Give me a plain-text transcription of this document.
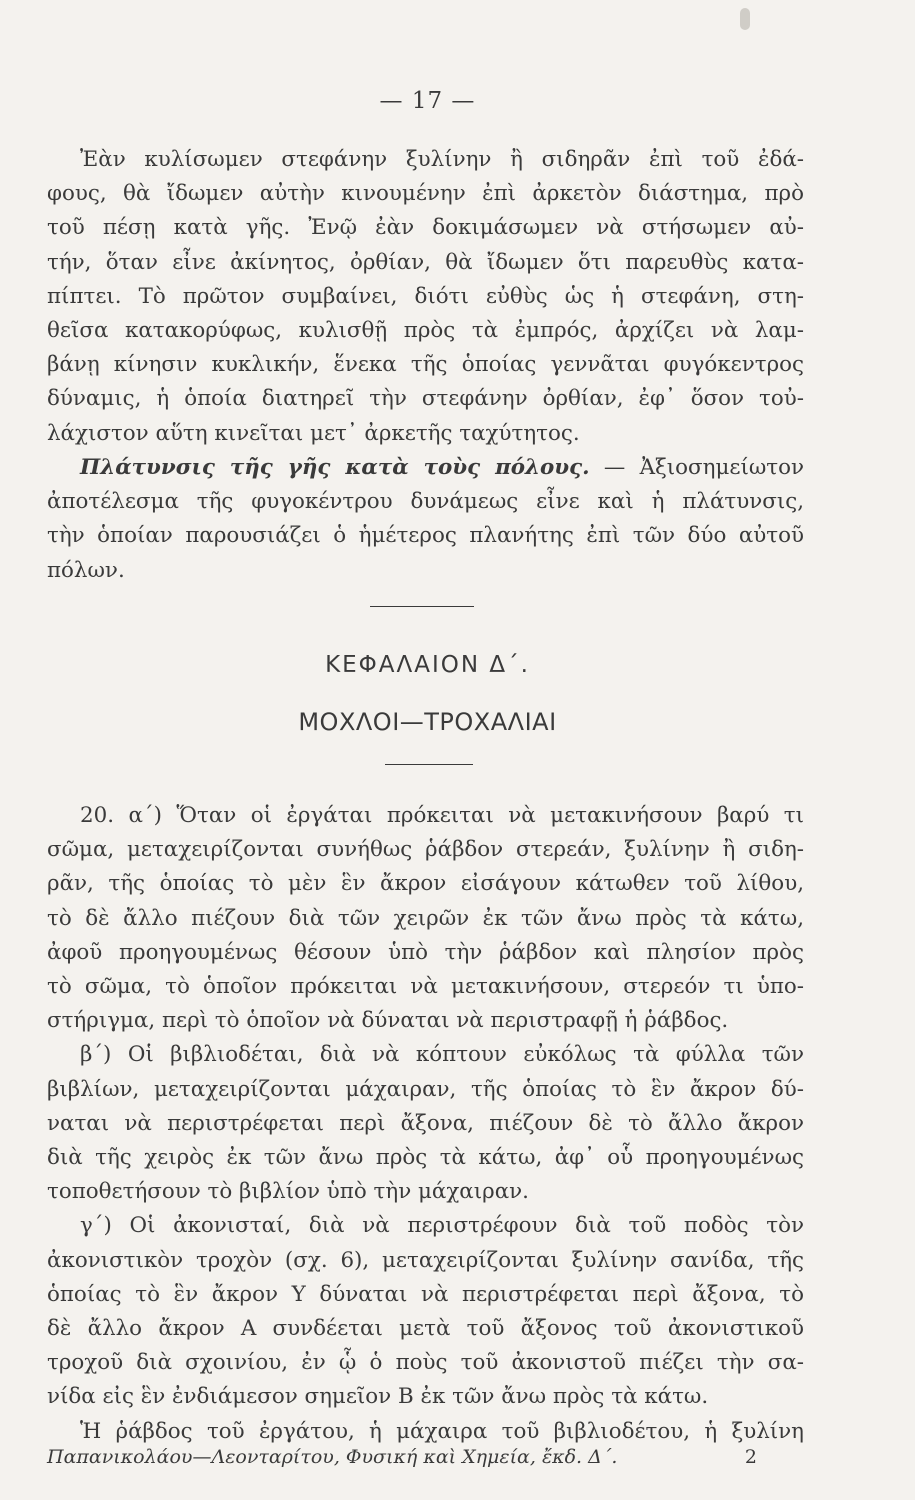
— 17 —
Ἐὰν κυλίσωμεν στεφάνην ξυλίνην ἢ σιδηρᾶν ἐπὶ τοῦ ἐδά-
φους, θὰ ἴδωμεν αὐτὴν κινουμένην ἐπὶ ἀρκετὸν διάστημα, πρὸ
τοῦ πέσῃ κατὰ γῆς. Ἐνῷ ἐὰν δοκιμάσωμεν νὰ στήσωμεν αὐ-
τήν, ὅταν εἶνε ἀκίνητος, ὀρθίαν, θὰ ἴδωμεν ὅτι παρευθὺς κατα-
πίπτει. Τὸ πρῶτον συμβαίνει, διότι εὐθὺς ὡς ἡ στεφάνη, στη-
θεῖσα κατακορύφως, κυλισθῇ πρὸς τὰ ἐμπρός, ἀρχίζει νὰ λαμ-
βάνῃ κίνησιν κυκλικήν, ἕνεκα τῆς ὁποίας γεννᾶται φυγόκεντρος
δύναμις, ἡ ὁποία διατηρεῖ τὴν στεφάνην ὀρθίαν, ἐφ᾿ ὅσον τοὐ-
λάχιστον αὕτη κινεῖται μετ᾿ ἀρκετῆς ταχύτητος.
Πλάτυνσις τῆς γῆς κατὰ τοὺς πόλους. — Ἀξιοσημείωτον
ἀποτέλεσμα τῆς φυγοκέντρου δυνάμεως εἶνε καὶ ἡ πλάτυνσις,
τὴν ὁποίαν παρουσιάζει ὁ ἡμέτερος πλανήτης ἐπὶ τῶν δύο αὐτοῦ
πόλων.
ΚΕΦΑΛΑΙΟΝ Δ΄.
ΜΟΧΛΟΙ—ΤΡΟΧΑΛΙΑΙ
20. α΄) Ὅταν οἱ ἐργάται πρόκειται νὰ μετακινήσουν βαρύ τι
σῶμα, μεταχειρίζονται συνήθως ῥάβδον στερεάν, ξυλίνην ἢ σιδη-
ρᾶν, τῆς ὁποίας τὸ μὲν ἓν ἄκρον εἰσάγουν κάτωθεν τοῦ λίθου,
τὸ δὲ ἄλλο πιέζουν διὰ τῶν χειρῶν ἐκ τῶν ἄνω πρὸς τὰ κάτω,
ἀφοῦ προηγουμένως θέσουν ὑπὸ τὴν ῥάβδον καὶ πλησίον πρὸς
τὸ σῶμα, τὸ ὁποῖον πρόκειται νὰ μετακινήσουν, στερεόν τι ὑπο-
στήριγμα, περὶ τὸ ὁποῖον νὰ δύναται νὰ περιστραφῇ ἡ ῥάβδος.
β΄) Οἱ βιβλιοδέται, διὰ νὰ κόπτουν εὐκόλως τὰ φύλλα τῶν
βιβλίων, μεταχειρίζονται μάχαιραν, τῆς ὁποίας τὸ ἓν ἄκρον δύ-
ναται νὰ περιστρέφεται περὶ ἄξονα, πιέζουν δὲ τὸ ἄλλο ἄκρον
διὰ τῆς χειρὸς ἐκ τῶν ἄνω πρὸς τὰ κάτω, ἀφ᾿ οὗ προηγουμένως
τοποθετήσουν τὸ βιβλίον ὑπὸ τὴν μάχαιραν.
γ΄) Οἱ ἀκονισταί, διὰ νὰ περιστρέφουν διὰ τοῦ ποδὸς τὸν
ἀκονιστικὸν τροχὸν (σχ. 6), μεταχειρίζονται ξυλίνην σανίδα, τῆς
ὁποίας τὸ ἓν ἄκρον Υ δύναται νὰ περιστρέφεται περὶ ἄξονα, τὸ
δὲ ἄλλο ἄκρον Α συνδέεται μετὰ τοῦ ἄξονος τοῦ ἀκονιστικοῦ
τροχοῦ διὰ σχοινίου, ἐν ᾧ ὁ ποὺς τοῦ ἀκονιστοῦ πιέζει τὴν σα-
νίδα εἰς ἓν ἐνδιάμεσον σημεῖον Β ἐκ τῶν ἄνω πρὸς τὰ κάτω.
Ἡ ῥάβδος τοῦ ἐργάτου, ἡ μάχαιρα τοῦ βιβλιοδέτου, ἡ ξυλίνη
Παπανικολάου—Λεονταρίτου, Φυσική καὶ Χημεία, ἔκδ. Δ΄.	2
